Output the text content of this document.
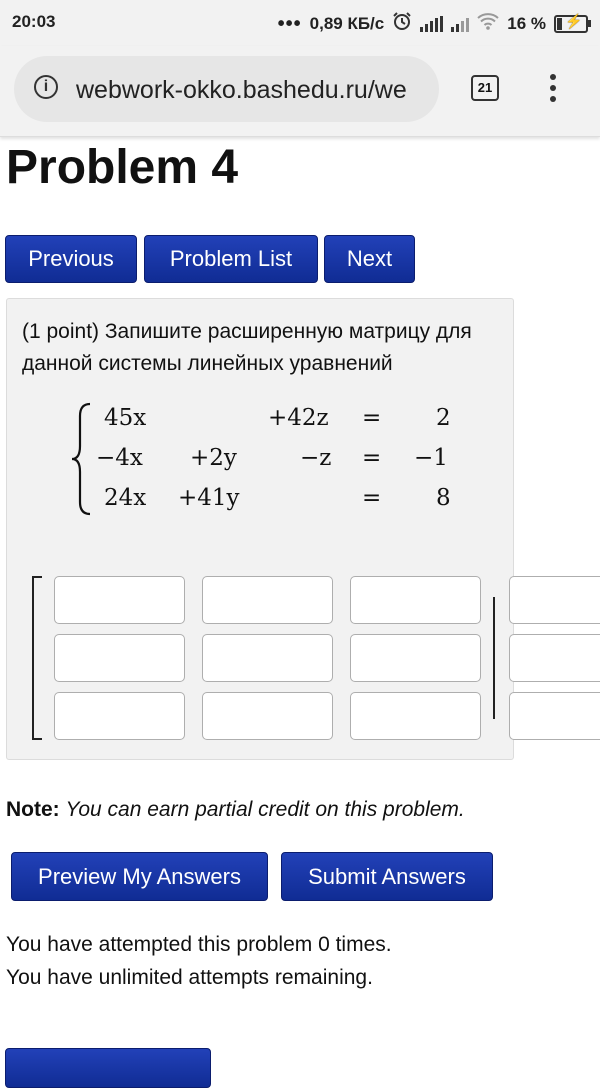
20:03	••• 0,89 КБ/с	16 % ⚡
i	webwork-okko.bashedu.ru/we	21
Problem 4
Previous	Problem List	Next
(1 point) Запишите расширенную матрицу для данной системы линейных уравнений
45x	+42z = 2
−4x +2y	−z = −1
24x +41y	= 8
Note: You can earn partial credit on this problem.
Preview My Answers	Submit Answers
You have attempted this problem 0 times.
You have unlimited attempts remaining.
